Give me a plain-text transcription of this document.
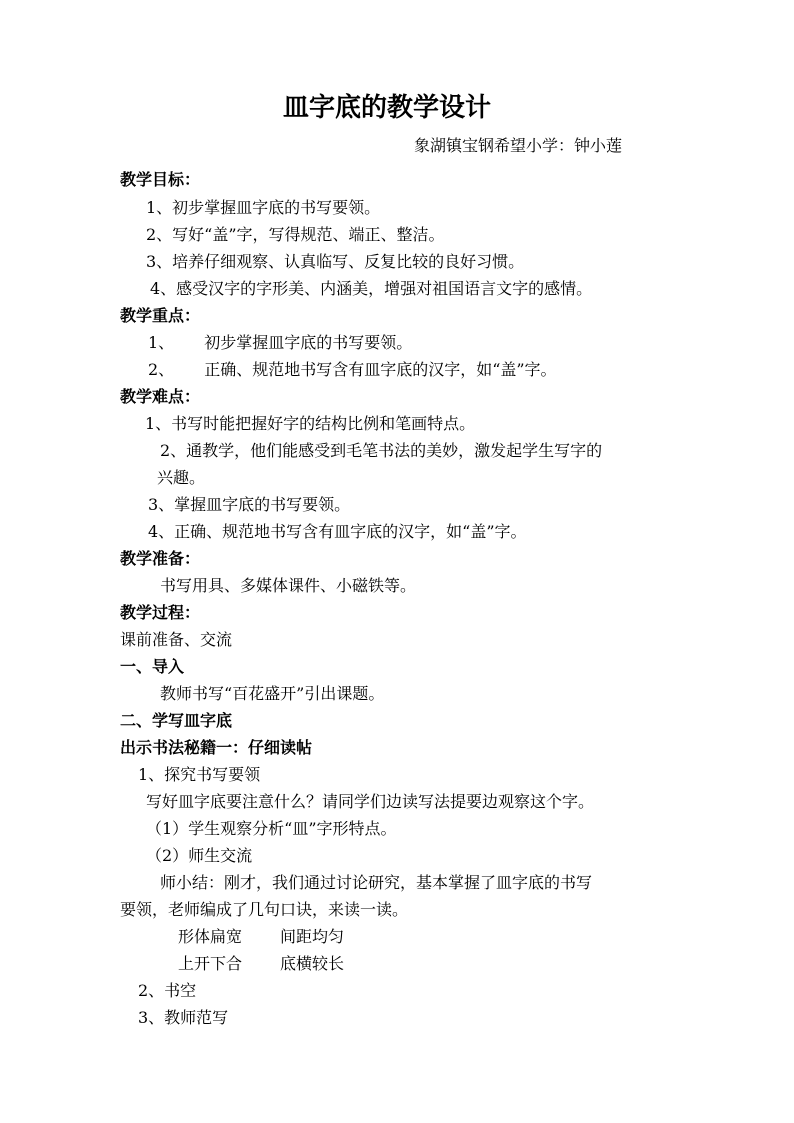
皿字底的教学设计
象湖镇宝钢希望小学：钟小莲
教学目标：
1、初步掌握皿字底的书写要领。
2、写好“盖”字，写得规范、端正、整洁。
3、培养仔细观察、认真临写、反复比较的良好习惯。
4、感受汉字的字形美、内涵美，增强对祖国语言文字的感情。
教学重点：
1、 初步掌握皿字底的书写要领。
2、 正确、规范地书写含有皿字底的汉字，如“盖”字。
教学难点：
1、书写时能把握好字的结构比例和笔画特点。
2、通教学，他们能感受到毛笔书法的美妙，激发起学生写字的
兴趣。
3、掌握皿字底的书写要领。
4、正确、规范地书写含有皿字底的汉字，如“盖”字。
教学准备：
书写用具、多媒体课件、小磁铁等。
教学过程：
课前准备、交流
一、导入
教师书写“百花盛开”引出课题。
二、学写皿字底
出示书法秘籍一：仔细读帖
1、探究书写要领
写好皿字底要注意什么？请同学们边读写法提要边观察这个字。
（1）学生观察分析“皿”字形特点。
（2）师生交流
师小结：刚才，我们通过讨论研究，基本掌握了皿字底的书写
要领，老师编成了几句口诀，来读一读。
形体扁宽 间距均匀
上开下合 底横较长
2、书空
3、教师范写
